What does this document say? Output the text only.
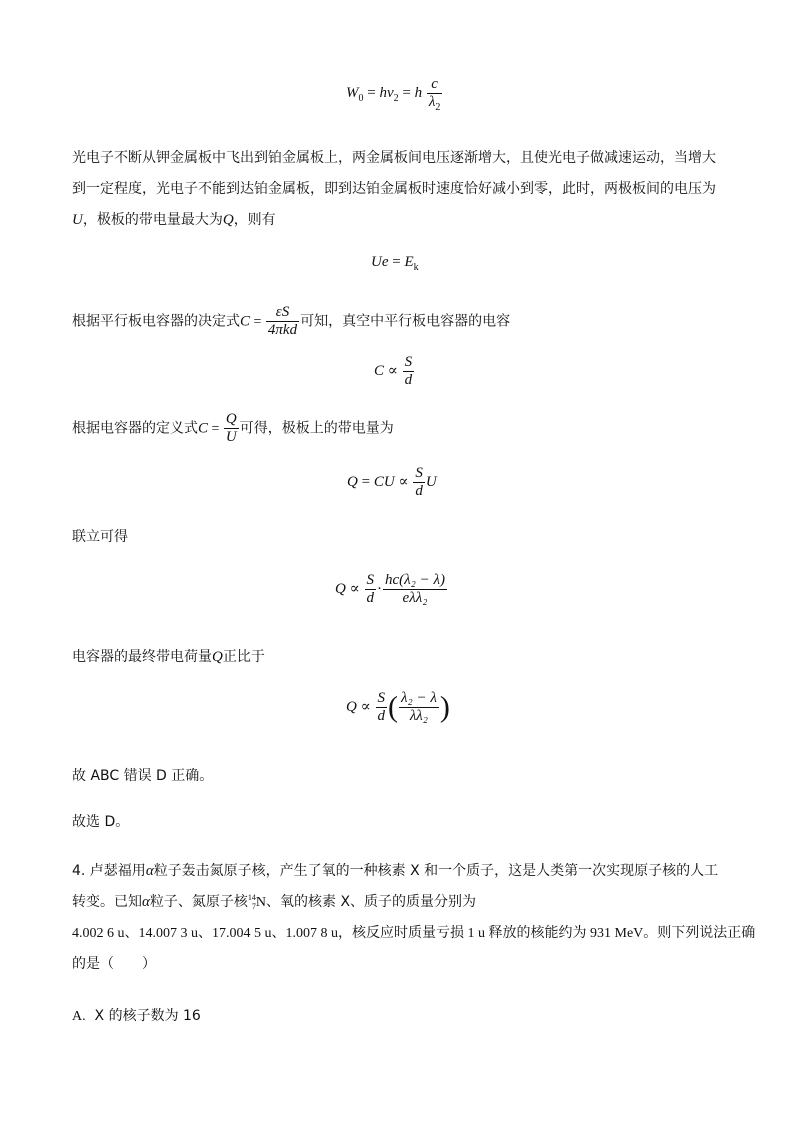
$W_0 = h\nu_2 = h \frac{c}{\lambda_2}$
光电子不断从钾金属板中飞出到铂金属板上，两金属板间电压逐渐增大，且使光电子做减速运动，当增大
到一定程度，光电子不能到达铂金属板，即到达铂金属板时速度恰好减小到零，此时，两极板间的电压为
U，极板的带电量最大为Q，则有
$Ue = E_k$
根据平行板电容器的决定式$C = \frac{\varepsilon S}{\text{4πkd}}$ 可知，真空中平行板电容器的电容
$C \propto \frac{S}{d}$
根据电容器的定义式$C = \frac{Q}{U}$ 可得，极板上的带电量为
Q = CU ∝ $\frac{S}{d}$ U
联立可得
$Q \propto \frac{S}{d} \cdot \frac{\text{hc(λ₂ − λ)}}{\text{eλλ₂}}$
电容器的最终带电荷量Q正比于
$Q \propto \frac{S}{d}$ ( $\frac{\text{λ₂ − λ}}{\text{λλ₂}}$ )
故 ABC 错误 D 正确。
故选 D。
4. 卢瑟福用α粒子轰击氮原子核，产生了氧的一种核素 X 和一个质子，这是人类第一次实现原子核的人工
转变。已知α粒子、氮原子核 14
7 N、氧的核素 X、质子的质量分别为
4.002 6 u、14.007 3 u、17.004 5 u、1.007 8 u，核反应时质量亏损 1 u 释放的核能约为 931 MeV。则下列说法正确
的是（　　）
A. X 的核子数为 16
